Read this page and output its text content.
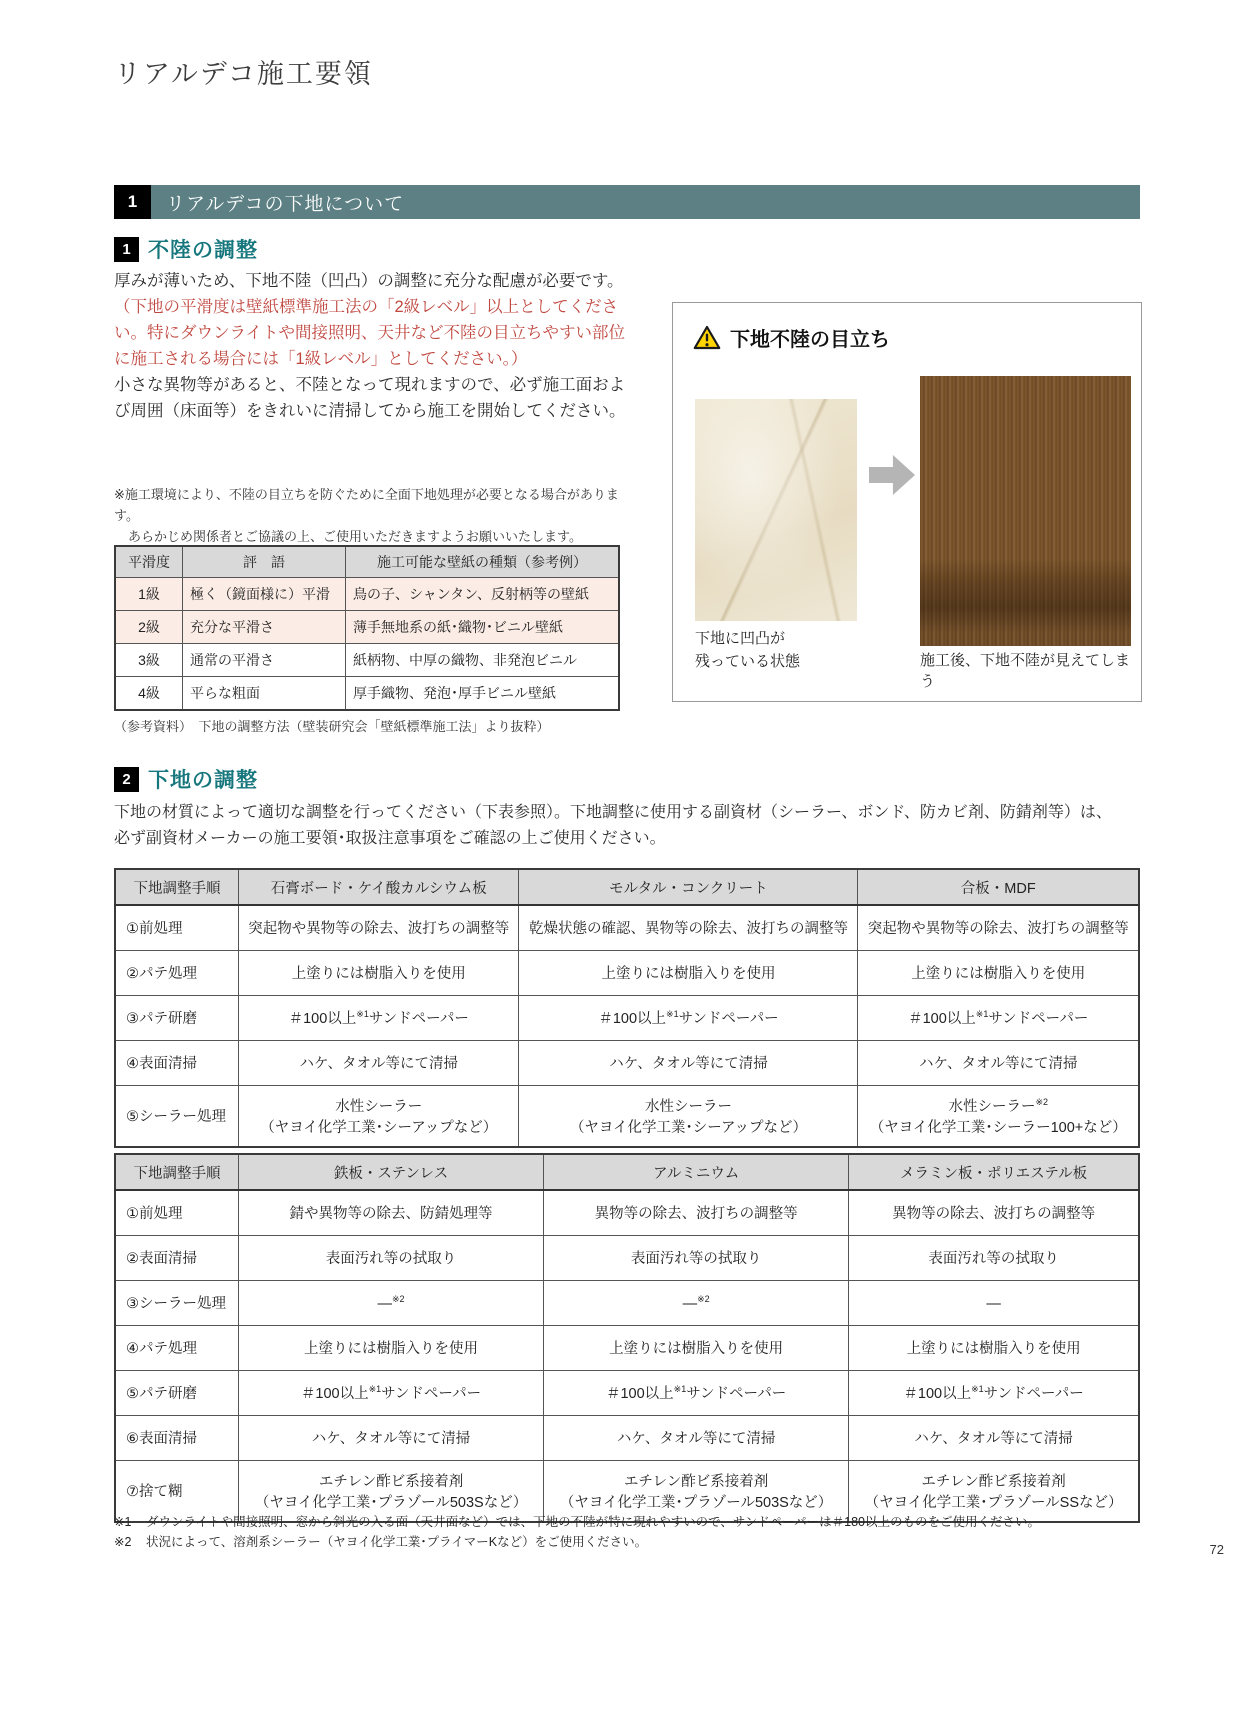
リアルデコ施工要領
1	リアルデコの下地について
1 不陸の調整
厚みが薄いため、下地不陸（凹凸）の調整に充分な配慮が必要です。
（下地の平滑度は壁紙標準施工法の「2級レベル」以上としてください。特にダウンライトや間接照明、天井など不陸の目立ちやすい部位に施工される場合には「1級レベル」としてください。）
小さな異物等があると、不陸となって現れますので、必ず施工面および周囲（床面等）をきれいに清掃してから施工を開始してください。
※施工環境により、不陸の目立ちを防ぐために全面下地処理が必要となる場合があります。
あらかじめ関係者とご協議の上、ご使用いただきますようお願いいたします。
平滑度	評　語	施工可能な壁紙の種類（参考例）
1級	極く（鏡面様に）平滑	鳥の子、シャンタン、反射柄等の壁紙
2級	充分な平滑さ	薄手無地系の紙･織物･ビニル壁紙
3級	通常の平滑さ	紙柄物、中厚の織物、非発泡ビニル
4級	平らな粗面	厚手織物、発泡･厚手ビニル壁紙
（参考資料）　下地の調整方法（壁装研究会「壁紙標準施工法」より抜粋）
下地不陸の目立ち
下地に凹凸が
残っている状態	施工後、下地不陸が見えてしまう
2 下地の調整
下地の材質によって適切な調整を行ってください（下表参照）。下地調整に使用する副資材（シーラー、ボンド、防カビ剤、防錆剤等）は、
必ず副資材メーカーの施工要領･取扱注意事項をご確認の上ご使用ください。
下地調整手順	石膏ボード・ケイ酸カルシウム板	モルタル・コンクリート	合板・MDF
①前処理	突起物や異物等の除去、波打ちの調整等	乾燥状態の確認、異物等の除去、波打ちの調整等	突起物や異物等の除去、波打ちの調整等

②パテ処理	上塗りには樹脂入りを使用	上塗りには樹脂入りを使用	上塗りには樹脂入りを使用

③パテ研磨	＃100以上$^{※1}$サンドペーパー	＃100以上$^{※1}$サンドペーパー	＃100以上$^{※1}$サンドペーパー

④表面清掃	ハケ、タオル等にて清掃	ハケ、タオル等にて清掃	ハケ、タオル等にて清掃

⑤シーラー処理	水性シーラー
（ヤヨイ化学工業･シーアップなど）	水性シーラー
（ヤヨイ化学工業･シーアップなど）	水性シーラー$^{※2}$
（ヤヨイ化学工業･シーラー100+など）
下地調整手順	鉄板・ステンレス	アルミニウム	メラミン板・ポリエステル板
①前処理	錆や異物等の除去、防錆処理等	異物等の除去、波打ちの調整等	異物等の除去、波打ちの調整等

②表面清掃	表面汚れ等の拭取り	表面汚れ等の拭取り	表面汚れ等の拭取り

③シーラー処理	—$^{※2}$	—$^{※2}$	—

④パテ処理	上塗りには樹脂入りを使用	上塗りには樹脂入りを使用	上塗りには樹脂入りを使用

⑤パテ研磨	＃100以上$^{※1}$サンドペーパー	＃100以上$^{※1}$サンドペーパー	＃100以上$^{※1}$サンドペーパー

⑥表面清掃	ハケ、タオル等にて清掃	ハケ、タオル等にて清掃	ハケ、タオル等にて清掃

⑦捨て糊	エチレン酢ビ系接着剤
（ヤヨイ化学工業･プラゾール503Sなど）	エチレン酢ビ系接着剤
（ヤヨイ化学工業･プラゾール503Sなど）	エチレン酢ビ系接着剤
（ヤヨイ化学工業･プラゾールSSなど）
※1 ダウンライトや間接照明、窓から斜光の入る面（天井面など）では、下地の不陸が特に現れやすいので、サンドペーパーは＃180以上のものをご使用ください。
※2 状況によって、溶剤系シーラー（ヤヨイ化学工業･プライマーKなど）をご使用ください。	72
